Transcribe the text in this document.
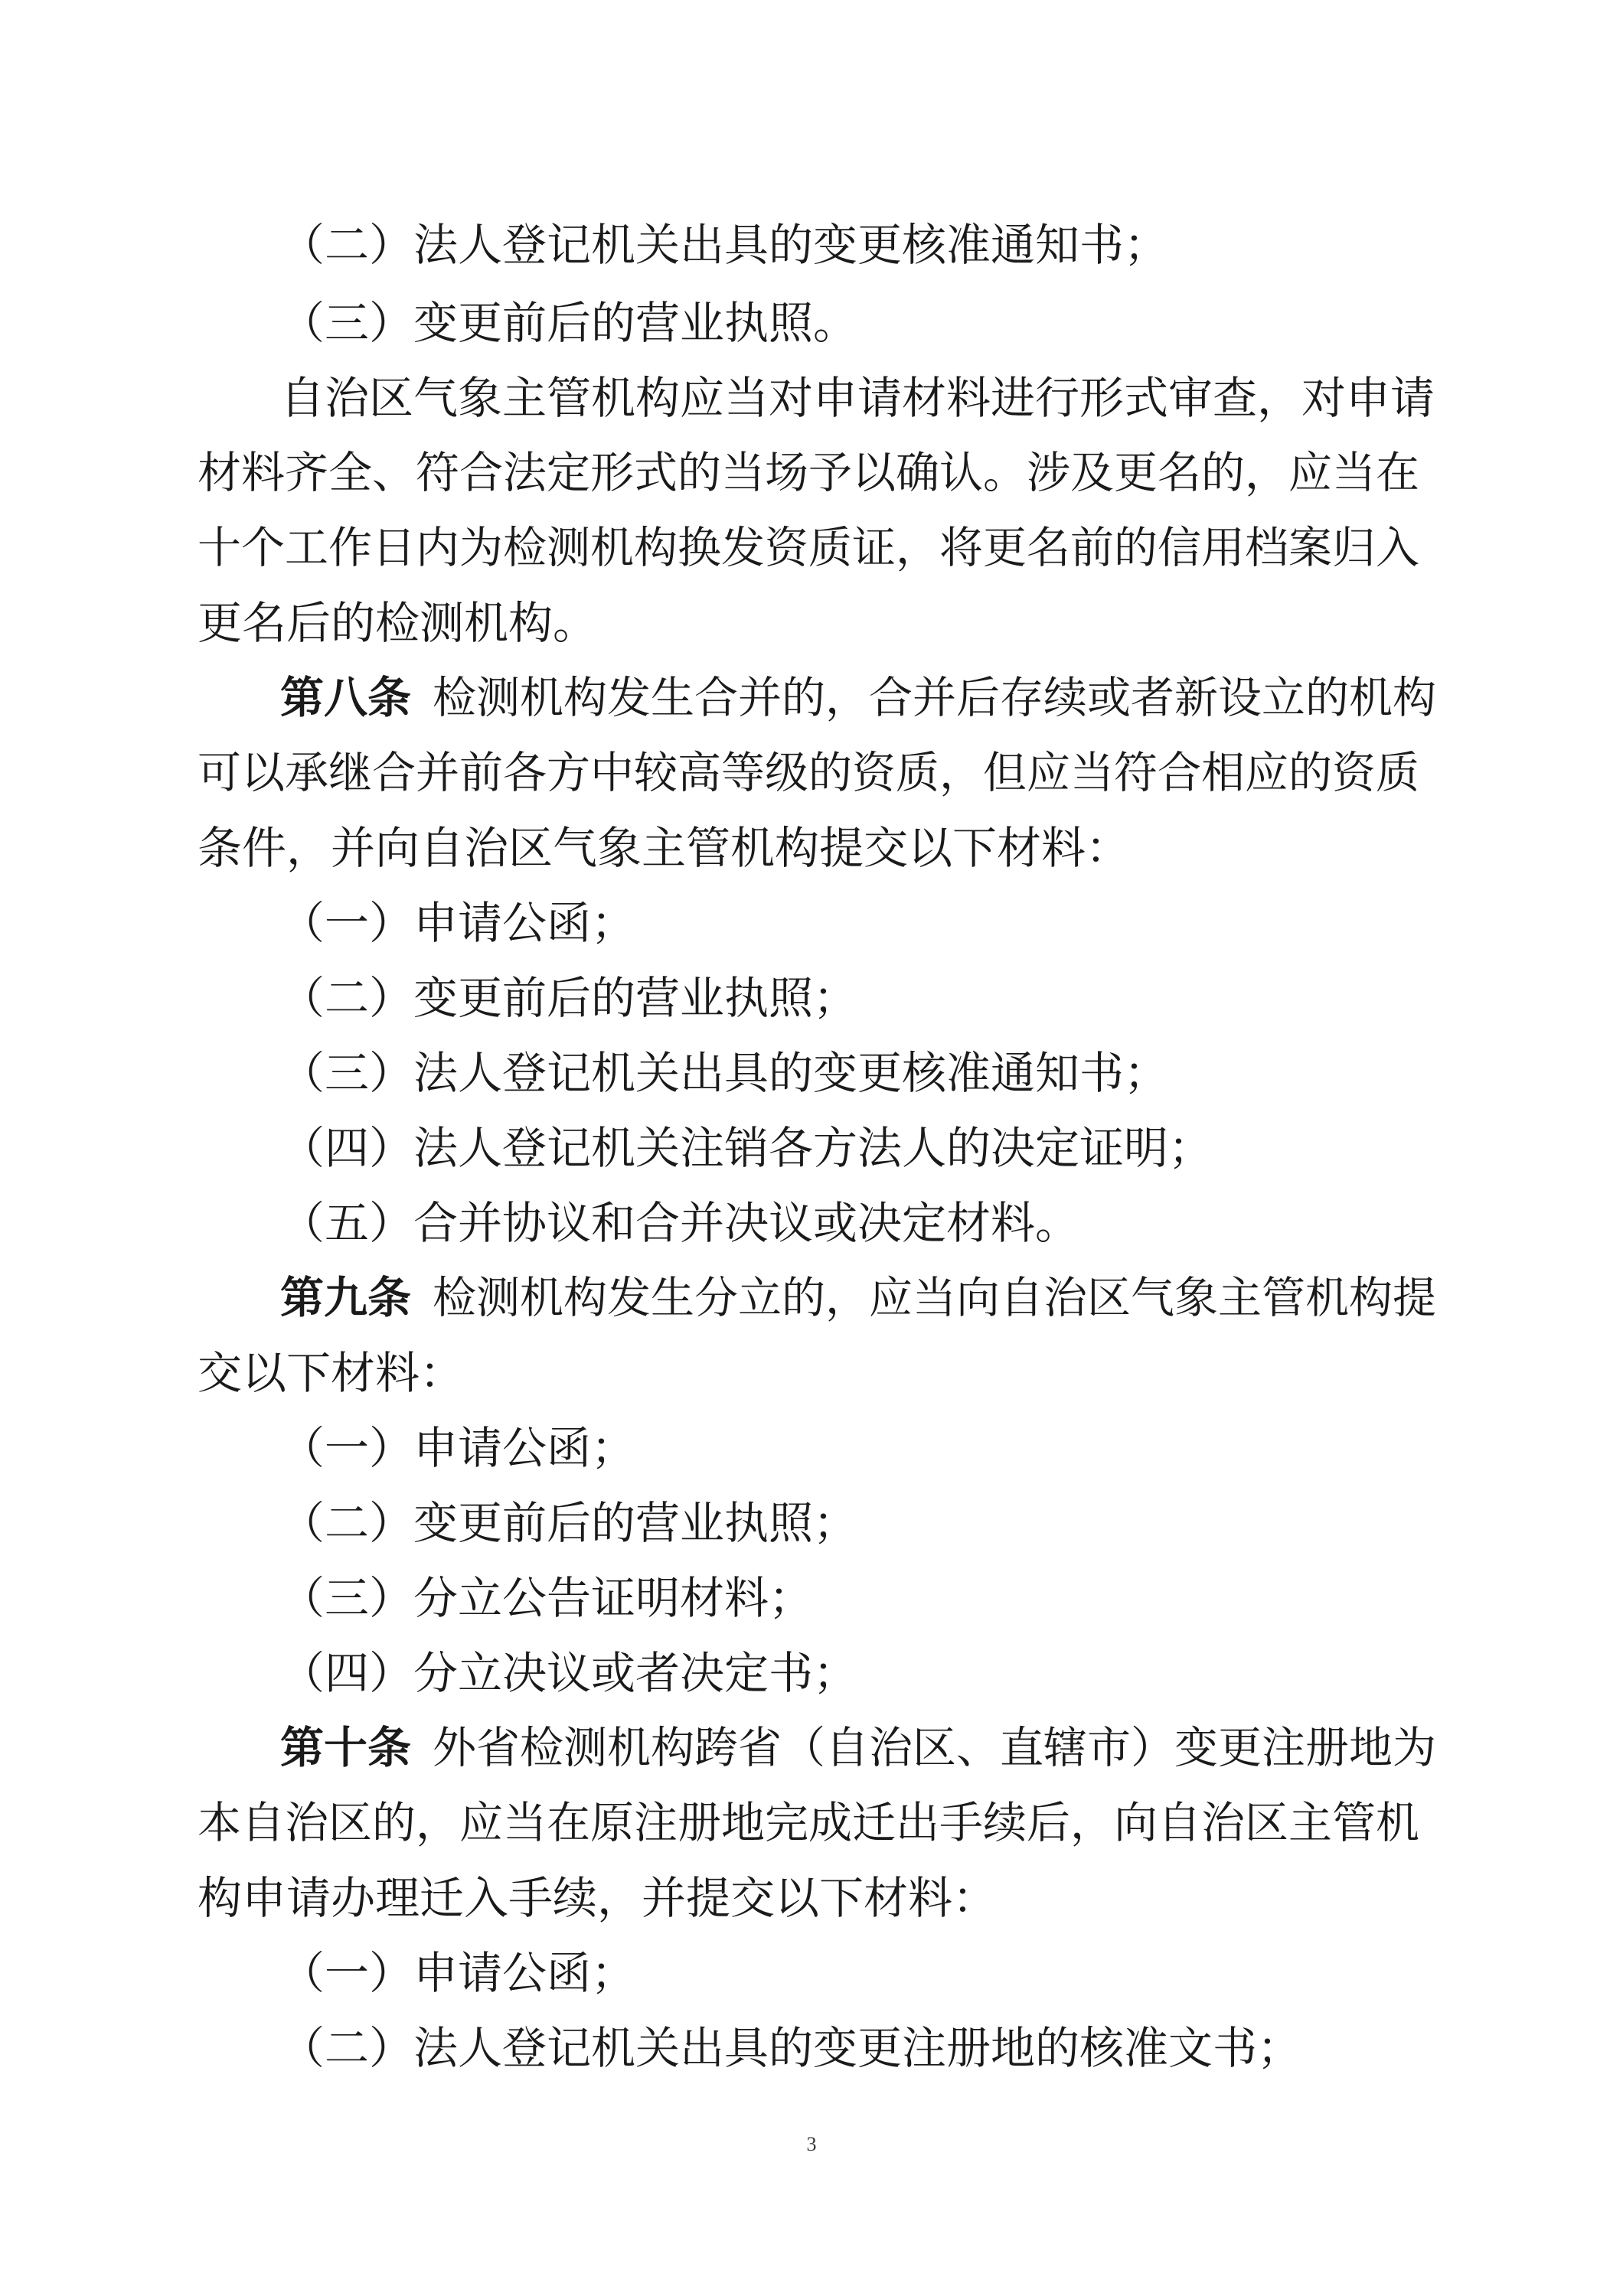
（二）法人登记机关出具的变更核准通知书；
（三）变更前后的营业执照。
自治区气象主管机构应当对申请材料进行形式审查，对申请
材料齐全、符合法定形式的当场予以确认。涉及更名的，应当在
十个工作日内为检测机构换发资质证，将更名前的信用档案归入
更名后的检测机构。
第八条 检测机构发生合并的，合并后存续或者新设立的机构
可以承继合并前各方中较高等级的资质，但应当符合相应的资质
条件，并向自治区气象主管机构提交以下材料：
（一）申请公函；
（二）变更前后的营业执照；
（三）法人登记机关出具的变更核准通知书；
（四）法人登记机关注销各方法人的决定证明；
（五）合并协议和合并决议或决定材料。
第九条 检测机构发生分立的，应当向自治区气象主管机构提
交以下材料：
（一）申请公函；
（二）变更前后的营业执照；
（三）分立公告证明材料；
（四）分立决议或者决定书；
第十条 外省检测机构跨省（自治区、直辖市）变更注册地为
本自治区的，应当在原注册地完成迁出手续后，向自治区主管机
构申请办理迁入手续，并提交以下材料：
（一）申请公函；
（二）法人登记机关出具的变更注册地的核准文书；
3
